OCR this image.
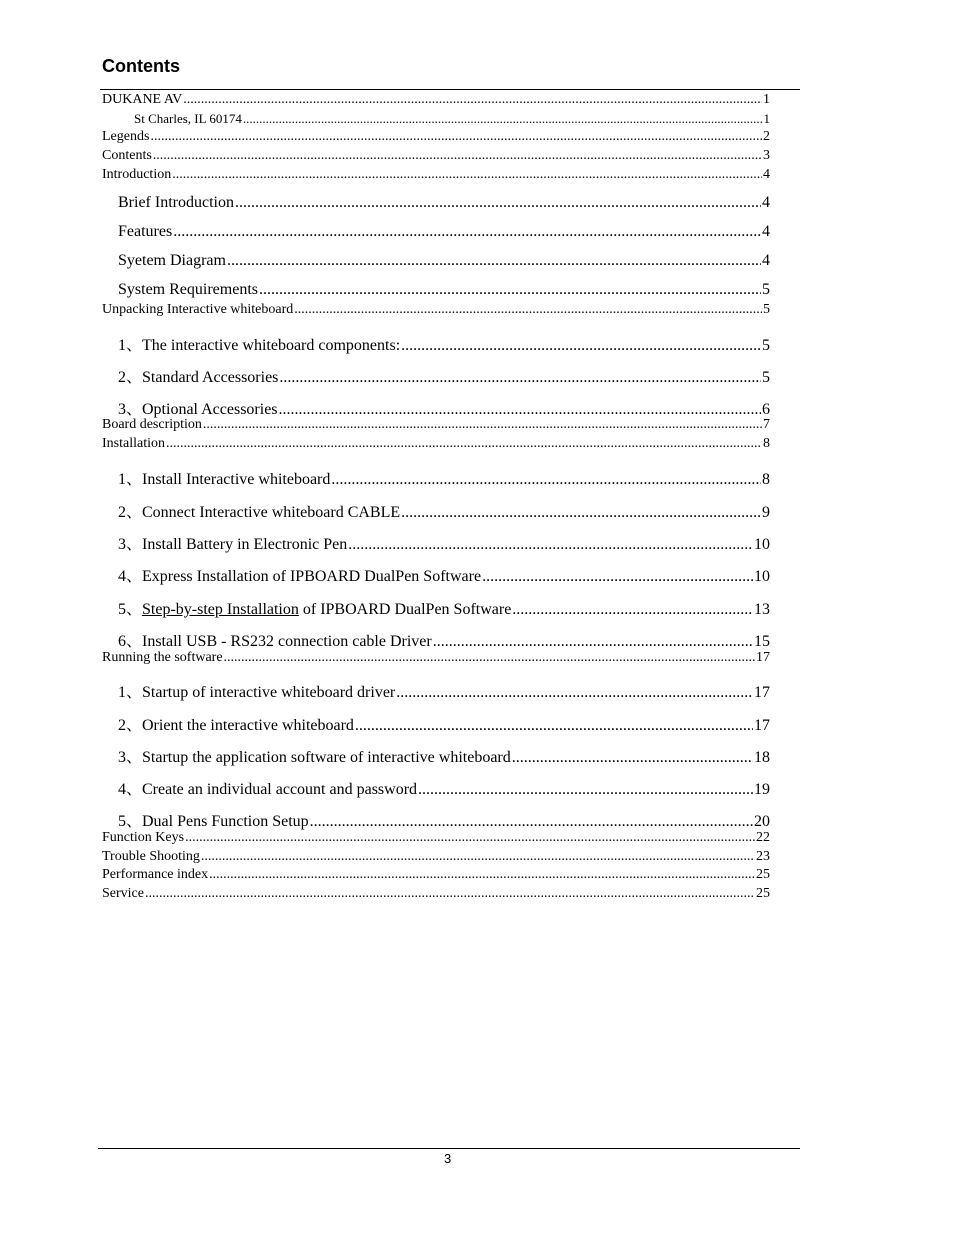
Contents
DUKANE AV .....	1
St Charles, IL 60174 .....	1
Legends .....	2
Contents .....	3
Introduction .....	4
Brief Introduction .....	4
Features .....	4
Syetem Diagram .....	4
System Requirements .....	5
Unpacking Interactive whiteboard .....	5
1、The interactive whiteboard components: .....	5
2、Standard Accessories .....	5
3、Optional Accessories .....	6
Board description .....	7
Installation .....	8
1、Install Interactive whiteboard .....	8
2、Connect Interactive whiteboard CABLE .....	9
3、Install Battery in Electronic Pen .....	10
4、Express Installation of IPBOARD DualPen Software .....	10
5、Step-by-step Installation of IPBOARD DualPen Software .....	13
6、Install USB - RS232 connection cable Driver .....	15
Running the software .....	17
1、Startup of interactive whiteboard driver .....	17
2、Orient the interactive whiteboard .....	17
3、Startup the application software of interactive whiteboard .....	18
4、Create an individual account and password .....	19
5、Dual Pens Function Setup .....	20
Function Keys .....	22
Trouble Shooting .....	23
Performance index .....	25
Service .....	25
3
